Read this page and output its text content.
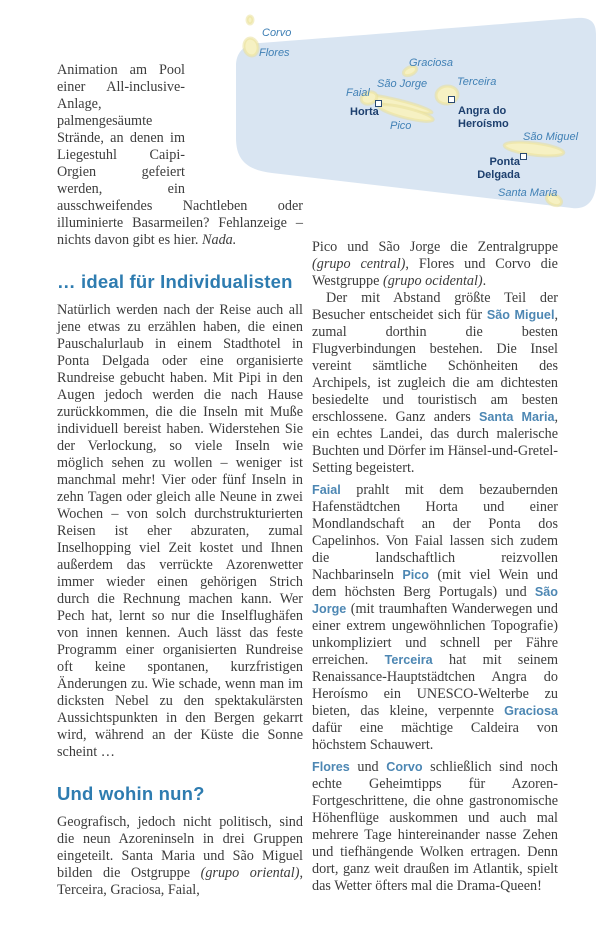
Corvo
Flores
Graciosa
São Jorge
Faial
Terceira
Pico
São Miguel
Santa Maria
Horta	Angra do
Heroísmo
Ponta
Delgada

Animation am Pool einer All-inclusive-Anlage, palmengesäumte Strände, an denen im Liegestuhl Caipi-Orgien gefeiert werden, ein ausschweifendes Nachtleben oder illuminierte Basarmeilen? Fehlanzeige – nichts davon gibt es hier. Nada.

… ideal für Individualisten

Natürlich werden nach der Reise auch all jene etwas zu erzählen haben, die einen Pauschalurlaub in einem Stadthotel in Ponta Delgada oder eine organisierte Rundreise gebucht haben. Mit Pipi in den Augen jedoch werden die nach Hause zurückkommen, die die Inseln mit Muße individuell bereist haben. Widerstehen Sie der Verlockung, so viele Inseln wie möglich sehen zu wollen – weniger ist manchmal mehr! Vier oder fünf Inseln in zehn Tagen oder gleich alle Neune in zwei Wochen – von solch durchstrukturierten Reisen ist eher abzuraten, zumal Inselhopping viel Zeit kostet und Ihnen außerdem das verrückte Azorenwetter immer wieder einen gehörigen Strich durch die Rechnung machen kann. Wer Pech hat, lernt so nur die Inselflughäfen von innen kennen. Auch lässt das feste Programm einer organisierten Rundreise oft keine spontanen, kurzfristigen Änderungen zu. Wie schade, wenn man im dicksten Nebel zu den spektakulärsten Aussichtspunkten in den Bergen gekarrt wird, während an der Küste die Sonne scheint …

Und wohin nun?

Geografisch, jedoch nicht politisch, sind die neun Azoreninseln in drei Gruppen eingeteilt. Santa Maria und São Miguel bilden die Ostgruppe (grupo oriental), Terceira, Graciosa, Faial,

Pico und São Jorge die Zentralgruppe (grupo central), Flores und Corvo die Westgruppe (grupo ocidental).

Der mit Abstand größte Teil der Besucher entscheidet sich für São Miguel, zumal dorthin die besten Flugverbindungen bestehen. Die Insel vereint sämtliche Schönheiten des Archipels, ist zugleich die am dichtesten besiedelte und touristisch am besten erschlossene. Ganz anders Santa Maria, ein echtes Landei, das durch malerische Buchten und Dörfer im Hänsel-und-Gretel-Setting begeistert.

Faial prahlt mit dem bezaubernden Hafenstädtchen Horta und einer Mondlandschaft an der Ponta dos Capelinhos. Von Faial lassen sich zudem die landschaftlich reizvollen Nachbarinseln Pico (mit viel Wein und dem höchsten Berg Portugals) und São Jorge (mit traumhaften Wanderwegen und einer extrem ungewöhnlichen Topografie) unkompliziert und schnell per Fähre erreichen. Terceira hat mit seinem Renaissance-Hauptstädtchen Angra do Heroísmo ein UNESCO-Welterbe zu bieten, das kleine, verpennte Graciosa dafür eine mächtige Caldeira von höchstem Schauwert.

Flores und Corvo schließlich sind noch echte Geheimtipps für Azoren-Fortgeschrittene, die ohne gastronomische Höhenflüge auskommen und auch mal mehrere Tage hintereinander nasse Zehen und tiefhängende Wolken ertragen. Denn dort, ganz weit draußen im Atlantik, spielt das Wetter öfters mal die Drama-Queen!
